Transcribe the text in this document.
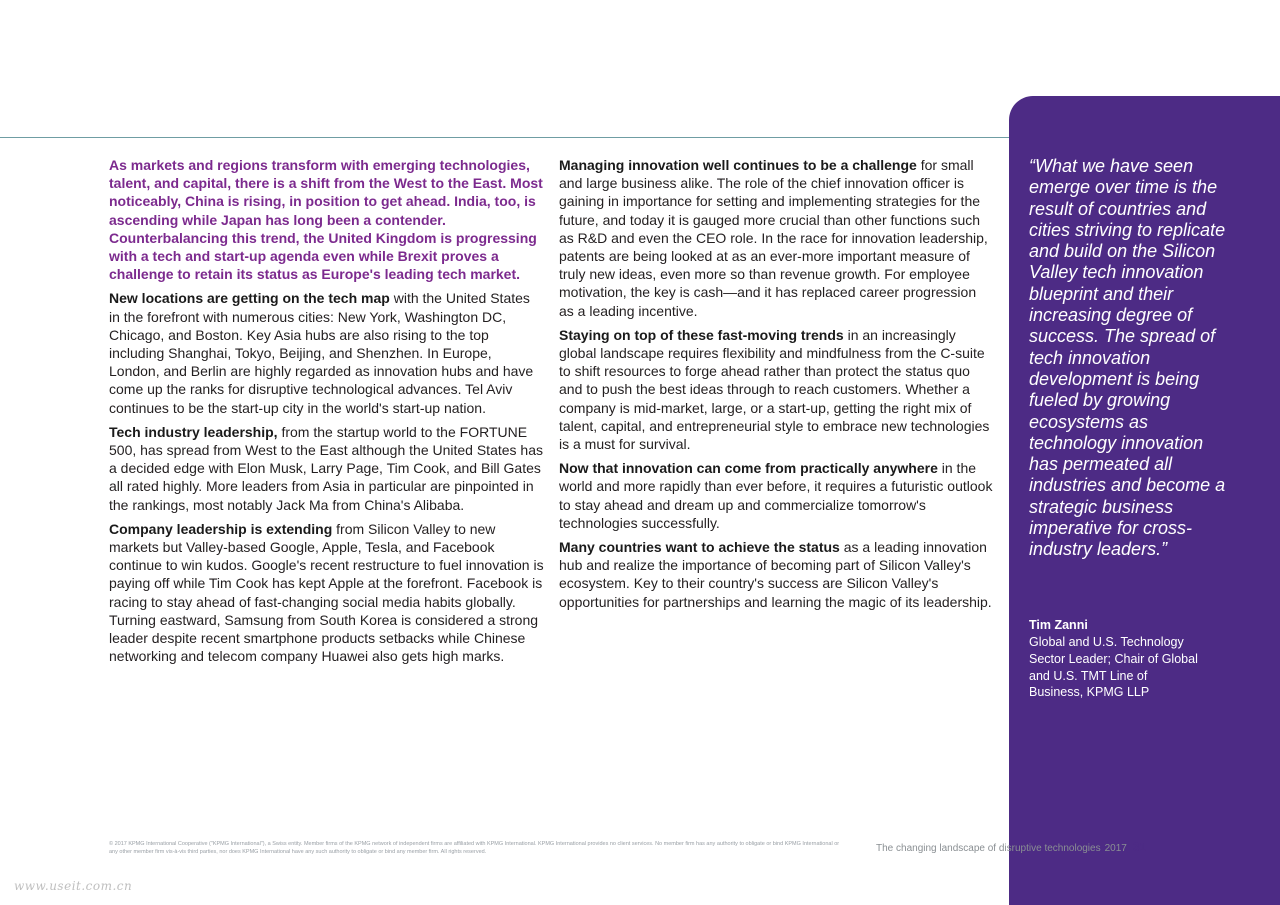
As markets and regions transform with emerging technologies, talent, and capital, there is a shift from the West to the East. Most noticeably, China is rising, in position to get ahead. India, too, is ascending while Japan has long been a contender. Counterbalancing this trend, the United Kingdom is progressing with a tech and start-up agenda even while Brexit proves a challenge to retain its status as Europe's leading tech market.

New locations are getting on the tech map with the United States in the forefront with numerous cities: New York, Washington DC, Chicago, and Boston. Key Asia hubs are also rising to the top including Shanghai, Tokyo, Beijing, and Shenzhen. In Europe, London, and Berlin are highly regarded as innovation hubs and have come up the ranks for disruptive technological advances. Tel Aviv continues to be the start-up city in the world's start-up nation.

Tech industry leadership, from the startup world to the FORTUNE 500, has spread from West to the East although the United States has a decided edge with Elon Musk, Larry Page, Tim Cook, and Bill Gates all rated highly. More leaders from Asia in particular are pinpointed in the rankings, most notably Jack Ma from China's Alibaba.

Company leadership is extending from Silicon Valley to new markets but Valley-based Google, Apple, Tesla, and Facebook continue to win kudos. Google's recent restructure to fuel innovation is paying off while Tim Cook has kept Apple at the forefront. Facebook is racing to stay ahead of fast-changing social media habits globally. Turning eastward, Samsung from South Korea is considered a strong leader despite recent smartphone products setbacks while Chinese networking and telecom company Huawei also gets high marks.

Managing innovation well continues to be a challenge for small and large business alike. The role of the chief innovation officer is gaining in importance for setting and implementing strategies for the future, and today it is gauged more crucial than other functions such as R&D and even the CEO role. In the race for innovation leadership, patents are being looked at as an ever-more important measure of truly new ideas, even more so than revenue growth. For employee motivation, the key is cash—and it has replaced career progression as a leading incentive.

Staying on top of these fast-moving trends in an increasingly global landscape requires flexibility and mindfulness from the C-suite to shift resources to forge ahead rather than protect the status quo and to push the best ideas through to reach customers. Whether a company is mid-market, large, or a start-up, getting the right mix of talent, capital, and entrepreneurial style to embrace new technologies is a must for survival.

Now that innovation can come from practically anywhere in the world and more rapidly than ever before, it requires a futuristic outlook to stay ahead and dream up and commercialize tomorrow's technologies successfully.

Many countries want to achieve the status as a leading innovation hub and realize the importance of becoming part of Silicon Valley's ecosystem. Key to their country's success are Silicon Valley's opportunities for partnerships and learning the magic of its leadership.

“What we have seen emerge over time is the result of countries and cities striving to replicate and build on the Silicon Valley tech innovation blueprint and their increasing degree of success. The spread of tech innovation development is being fueled by growing ecosystems as technology innovation has permeated all industries and become a strategic business imperative for cross-industry leaders.”
Tim Zanni
Global and U.S. Technology Sector Leader; Chair of Global and U.S. TMT Line of Business, KPMG LLP
© 2017 KPMG International Cooperative ("KPMG International"), a Swiss entity. Member firms of the KPMG network of independent firms are affiliated with KPMG International. KPMG International provides no client services. No member firm has any authority to obligate or bind KPMG International or any other member firm vis-à-vis third parties, nor does KPMG International have any such authority to obligate or bind any member firm. All rights reserved.	The changing landscape of disruptive technologies 2017 31
www.useit.com.cn
